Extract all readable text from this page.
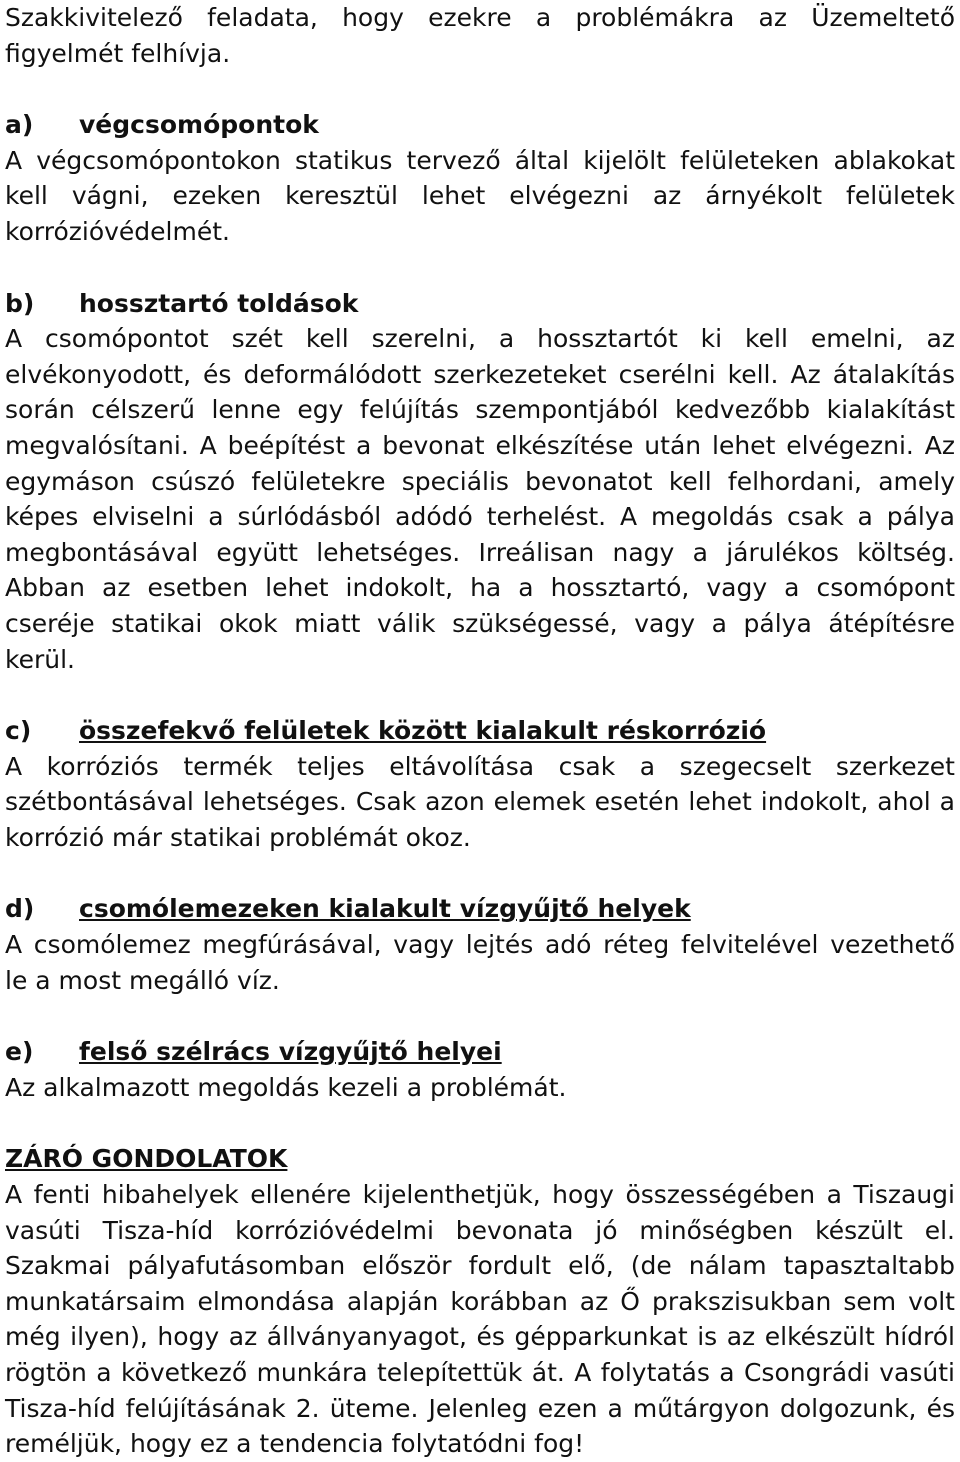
Szakkivitelező feladata, hogy ezekre a problémákra az Üzemeltető figyelmét felhívja.

a) végcsomópontok

A végcsomópontokon statikus tervező által kijelölt felületeken ablakokat kell vágni, ezeken keresztül lehet elvégezni az árnyékolt felületek korrózióvédelmét.

b) hossztartó toldások

A csomópontot szét kell szerelni, a hossztartót ki kell emelni, az elvékonyodott, és deformálódott szerkezeteket cserélni kell. Az átalakítás során célszerű lenne egy felújítás szempontjából kedvezőbb kialakítást megvalósítani. A beépítést a bevonat elkészítése után lehet elvégezni. Az egymáson csúszó felületekre speciális bevonatot kell felhordani, amely képes elviselni a súrlódásból adódó terhelést. A megoldás csak a pálya megbontásával együtt lehetséges. Irreálisan nagy a járulékos költség. Abban az esetben lehet indokolt, ha a hossztartó, vagy a csomópont cseréje statikai okok miatt válik szükségessé, vagy a pálya átépítésre kerül.

c) összefekvő felületek között kialakult réskorrózió

A korróziós termék teljes eltávolítása csak a szegecselt szerkezet szétbontásával lehetséges. Csak azon elemek esetén lehet indokolt, ahol a korrózió már statikai problémát okoz.

d) csomólemezeken kialakult vízgyűjtő helyek

A csomólemez megfúrásával, vagy lejtés adó réteg felvitelével vezethető le a most megálló víz.

e) felső szélrács vízgyűjtő helyei

Az alkalmazott megoldás kezeli a problémát.

ZÁRÓ GONDOLATOK

A fenti hibahelyek ellenére kijelenthetjük, hogy összességében a Tiszaugi vasúti Tisza-híd korrózióvédelmi bevonata jó minőségben készült el. Szakmai pályafutásomban először fordult elő, (de nálam tapasztaltabb munkatársaim elmondása alapján korábban az Ő prakszisukban sem volt még ilyen), hogy az állványanyagot, és gépparkunkat is az elkészült hídról rögtön a következő munkára telepítettük át. A folytatás a Csongrádi vasúti Tisza-híd felújításának 2. üteme. Jelenleg ezen a műtárgyon dolgozunk, és reméljük, hogy ez a tendencia folytatódni fog!
